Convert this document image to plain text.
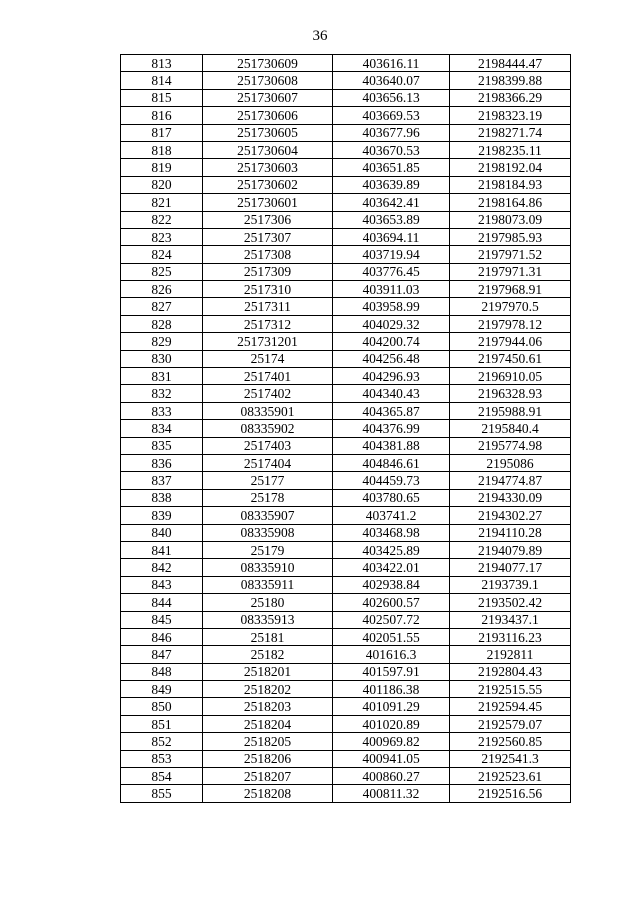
36
813	251730609	403616.11	2198444.47
814	251730608	403640.07	2198399.88
815	251730607	403656.13	2198366.29
816	251730606	403669.53	2198323.19
817	251730605	403677.96	2198271.74
818	251730604	403670.53	2198235.11
819	251730603	403651.85	2198192.04
820	251730602	403639.89	2198184.93
821	251730601	403642.41	2198164.86
822	2517306	403653.89	2198073.09
823	2517307	403694.11	2197985.93
824	2517308	403719.94	2197971.52
825	2517309	403776.45	2197971.31
826	2517310	403911.03	2197968.91
827	2517311	403958.99	2197970.5
828	2517312	404029.32	2197978.12
829	251731201	404200.74	2197944.06
830	25174	404256.48	2197450.61
831	2517401	404296.93	2196910.05
832	2517402	404340.43	2196328.93
833	08335901	404365.87	2195988.91
834	08335902	404376.99	2195840.4
835	2517403	404381.88	2195774.98
836	2517404	404846.61	2195086
837	25177	404459.73	2194774.87
838	25178	403780.65	2194330.09
839	08335907	403741.2	2194302.27
840	08335908	403468.98	2194110.28
841	25179	403425.89	2194079.89
842	08335910	403422.01	2194077.17
843	08335911	402938.84	2193739.1
844	25180	402600.57	2193502.42
845	08335913	402507.72	2193437.1
846	25181	402051.55	2193116.23
847	25182	401616.3	2192811
848	2518201	401597.91	2192804.43
849	2518202	401186.38	2192515.55
850	2518203	401091.29	2192594.45
851	2518204	401020.89	2192579.07
852	2518205	400969.82	2192560.85
853	2518206	400941.05	2192541.3
854	2518207	400860.27	2192523.61
855	2518208	400811.32	2192516.56
